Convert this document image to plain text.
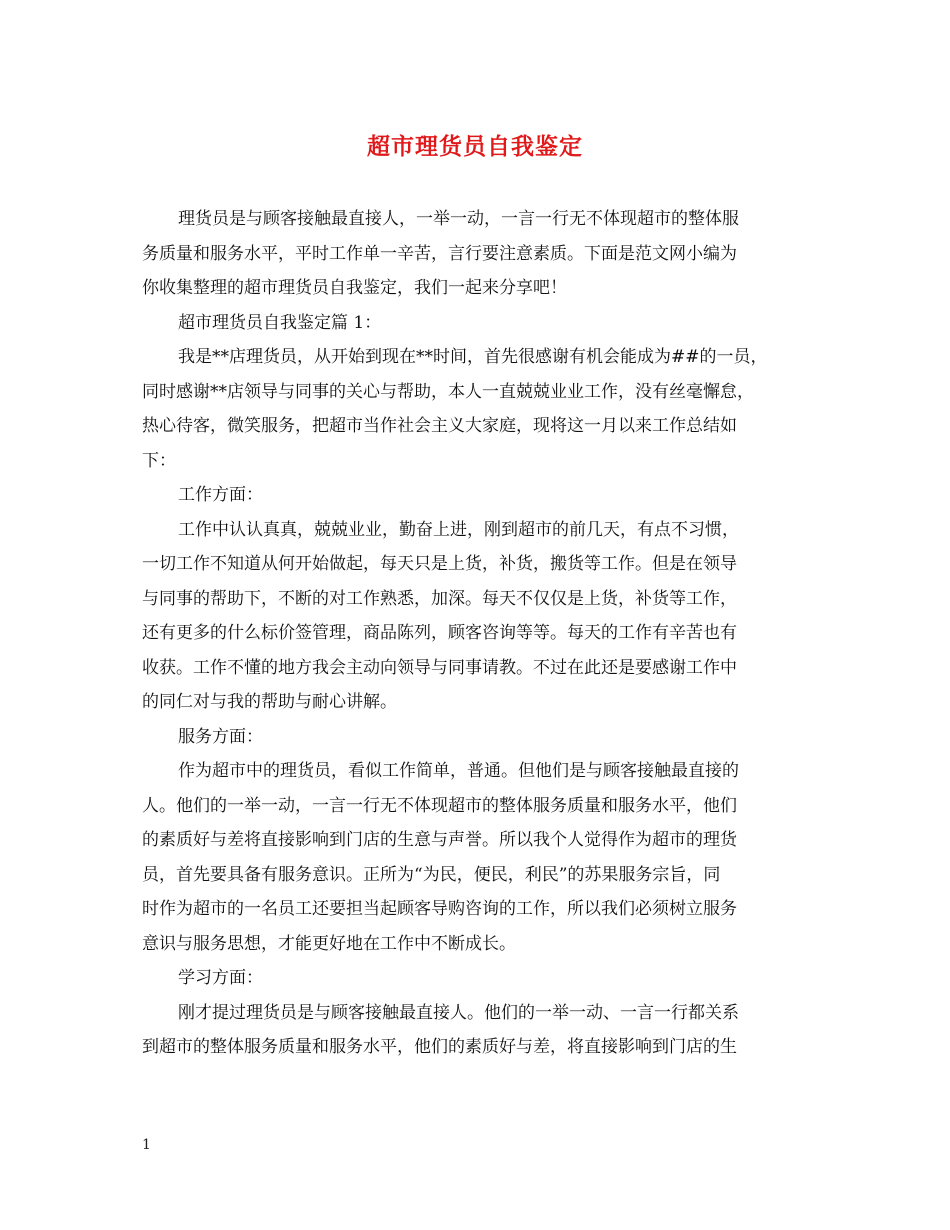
超市理货员自我鉴定
理货员是与顾客接触最直接人，一举一动，一言一行无不体现超市的整体服
务质量和服务水平，平时工作单一辛苦，言行要注意素质。下面是范文网小编为
你收集整理的超市理货员自我鉴定，我们一起来分享吧！
超市理货员自我鉴定篇 1：
我是**店理货员，从开始到现在**时间，首先很感谢有机会能成为##的一员，
同时感谢**店领导与同事的关心与帮助，本人一直兢兢业业工作，没有丝毫懈怠，
热心待客，微笑服务，把超市当作社会主义大家庭，现将这一月以来工作总结如
下：
工作方面：
工作中认认真真，兢兢业业，勤奋上进，刚到超市的前几天，有点不习惯，
一切工作不知道从何开始做起，每天只是上货，补货，搬货等工作。但是在领导
与同事的帮助下，不断的对工作熟悉，加深。每天不仅仅是上货，补货等工作，
还有更多的什么标价签管理，商品陈列，顾客咨询等等。每天的工作有辛苦也有
收获。工作不懂的地方我会主动向领导与同事请教。不过在此还是要感谢工作中
的同仁对与我的帮助与耐心讲解。
服务方面：
作为超市中的理货员，看似工作简单，普通。但他们是与顾客接触最直接的
人。他们的一举一动，一言一行无不体现超市的整体服务质量和服务水平，他们
的素质好与差将直接影响到门店的生意与声誉。所以我个人觉得作为超市的理货
员，首先要具备有服务意识。正所为“为民，便民，利民”的苏果服务宗旨，同
时作为超市的一名员工还要担当起顾客导购咨询的工作，所以我们必须树立服务
意识与服务思想，才能更好地在工作中不断成长。
学习方面：
刚才提过理货员是与顾客接触最直接人。他们的一举一动、一言一行都关系
到超市的整体服务质量和服务水平，他们的素质好与差，将直接影响到门店的生
1
